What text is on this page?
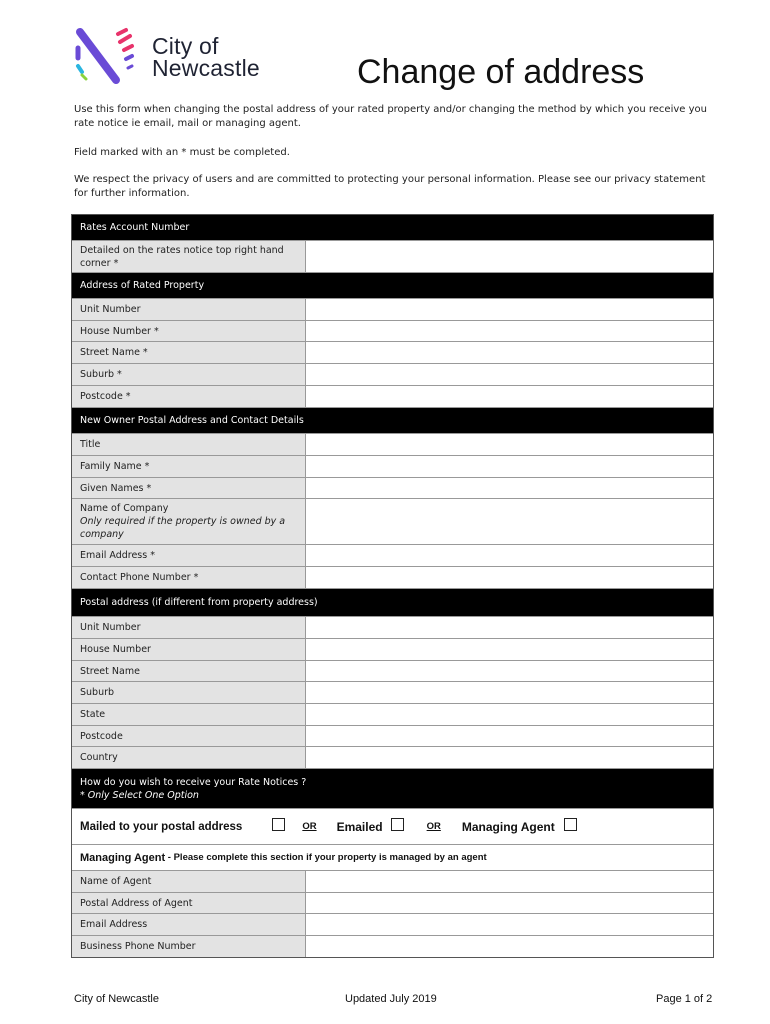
City of
Newcastle	Change of address

Use this form when changing the postal address of your rated property and/or changing the method by which you receive you rate notice ie email, mail or managing agent.

Field marked with an * must be completed.

We respect the privacy of users and are committed to protecting your personal information. Please see our privacy statement for further information.

Rates Account Number
Detailed on the rates notice top right hand
corner *
Address of Rated Property
Unit Number
House Number *
Street Name *
Suburb *
Postcode *
New Owner Postal Address and Contact Details
Title
Family Name *
Given Names *
Name of Company
Only required if the property is owned by a
company
Email Address *
Contact Phone Number *
Postal address (if different from property address)
Unit Number
House Number
Street Name
Suburb
State
Postcode
Country
How do you wish to receive your Rate Notices ?
* Only Select One Option
Mailed to your postal address	OR Emailed	OR Managing Agent
Managing Agent - Please complete this section if your property is managed by an agent
Name of Agent
Postal Address of Agent
Email Address
Business Phone Number
City of Newcastle	Updated July 2019	Page 1 of 2
